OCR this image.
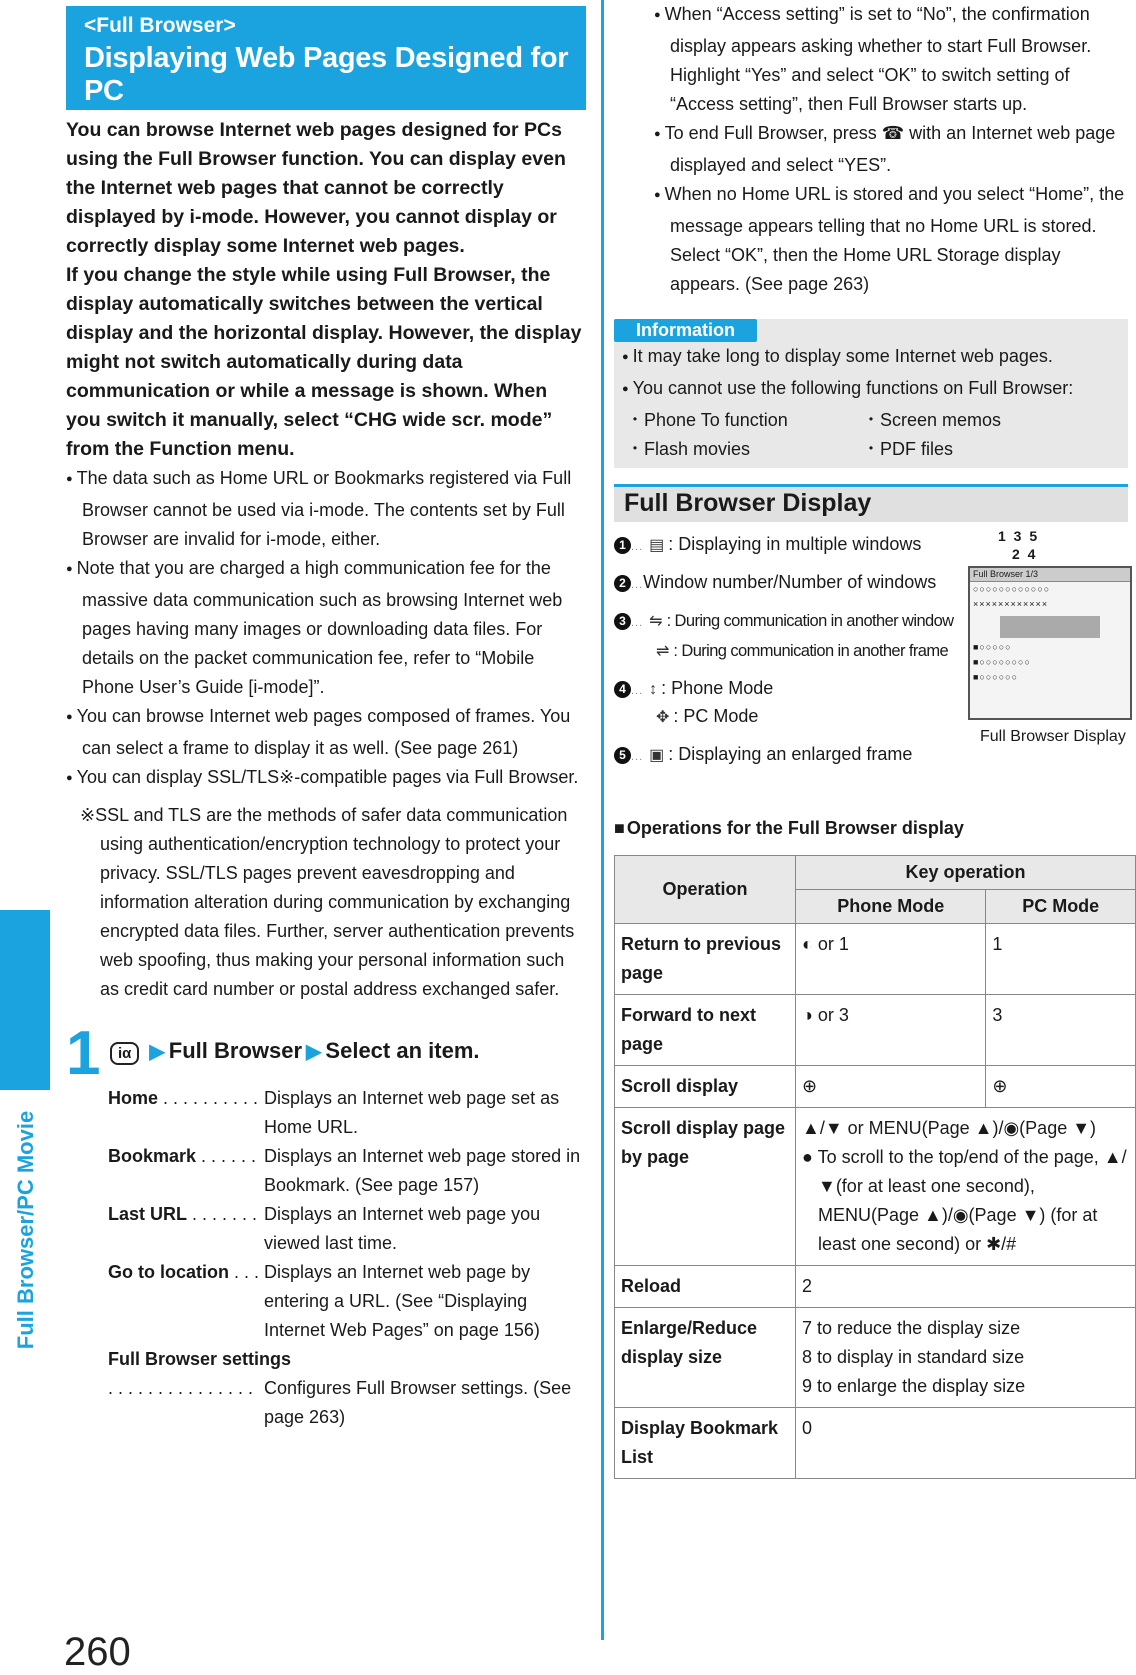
Full Browser/PC Movie
260
<Full Browser>
Displaying Web Pages Designed for PC

You can browse Internet web pages designed for PCs using the Full Browser function. You can display even the Internet web pages that cannot be correctly displayed by i-mode. However, you cannot display or correctly display some Internet web pages.

If you change the style while using Full Browser, the display automatically switches between the vertical display and the horizontal display. However, the display might not switch automatically during data communication or while a message is shown. When you switch it manually, select “CHG wide scr. mode” from the Function menu.

● The data such as Home URL or Bookmarks registered via Full Browser cannot be used via i-mode. The contents set by Full Browser are invalid for i-mode, either.

● Note that you are charged a high communication fee for the massive data communication such as browsing Internet web pages having many images or downloading data files. For details on the packet communication fee, refer to “Mobile Phone User’s Guide [i-mode]”.

● You can browse Internet web pages composed of frames. You can select a frame to display it as well. (See page 261)

● You can display SSL/TLS※-compatible pages via Full Browser.

※SSL and TLS are the methods of safer data communication using authentication/encryption technology to protect your privacy. SSL/TLS pages prevent eavesdropping and information alteration during communication by exchanging encrypted data files. Further, server authentication prevents web spoofing, thus making your personal information such as credit card number or postal address exchanged safer.

1	iα ▶ Full Browser ▶ Select an item.
Home . . . . . . . . . . Displays an Internet web page set as Home URL.
Bookmark . . . . . . Displays an Internet web page stored in Bookmark. (See page 157)
Last URL . . . . . . . Displays an Internet web page you viewed last time.
Go to location . . . Displays an Internet web page by entering a URL. (See “Displaying Internet Web Pages” on page 156)
Full Browser settings
. . . . . . . . . . . . . . . Configures Full Browser settings. (See page 263)

● When “Access setting” is set to “No”, the confirmation display appears asking whether to start Full Browser. Highlight “Yes” and select “OK” to switch setting of “Access setting”, then Full Browser starts up.

● To end Full Browser, press ☎ with an Internet web page displayed and select “YES”.

● When no Home URL is stored and you select “Home”, the message appears telling that no Home URL is stored. Select “OK”, then the Home URL Storage display appears. (See page 263)

Information

● It may take long to display some Internet web pages.

● You cannot use the following functions on Full Browser:

・Phone To function	・Screen memos
・Flash movies	・PDF files
Full Browser Display
1 ... ▤ : Displaying in multiple windows
2 ...Window number/Number of windows
3 ... ⇋ : During communication in another window
⇌ : During communication in another frame
4 ... ↕ : Phone Mode
✥ : PC Mode
5 ... ▣ : Displaying an enlarged frame
1 3 5
2 4
Full Browser 1/3
○○○○○○○○○○○○
××××××××××××
■○○○○○
■○○○○○○○○
■○○○○○○
Full Browser Display
■ Operations for the Full Browser display
Operation	Key operation	
	Phone Mode	PC Mode
Return to previous page	◐ or 1	1
Forward to next page	◑ or 3	3
Scroll display	⊕	⊕
Scroll display page by page	▲/▼ or MENU(Page ▲)/◉(Page ▼)
● To scroll to the top/end of the page, ▲/▼(for at least one second), MENU(Page ▲)/◉(Page ▼) (for at least one second) or ✱/#	

Reload	2	
Enlarge/Reduce display size	7 to reduce the display size
8 to display in standard size
9 to enlarge the display size	

Display Bookmark List	0	
